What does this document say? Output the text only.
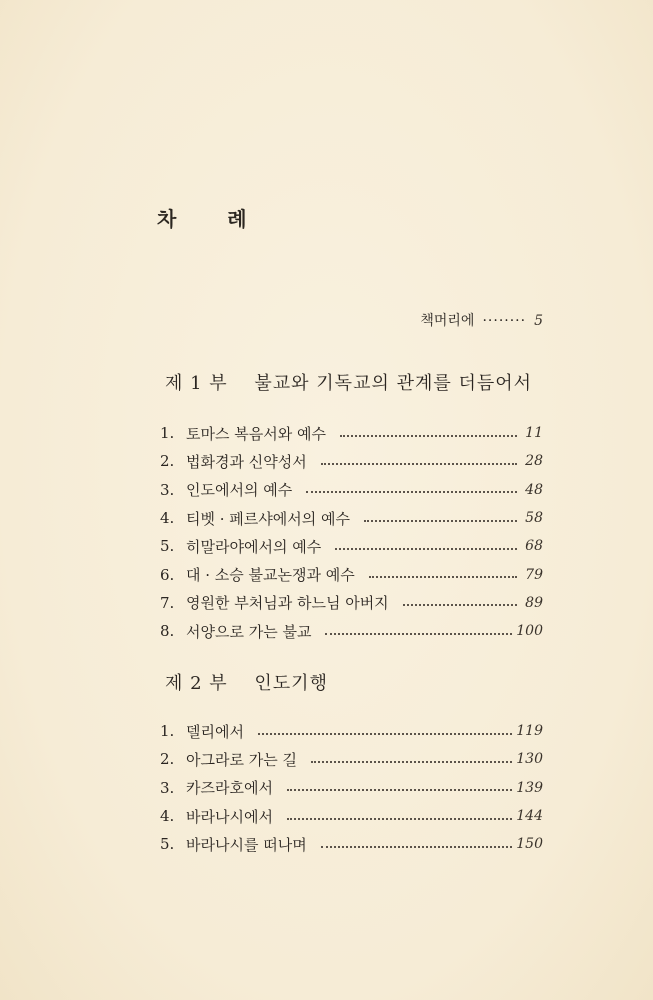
차 례
책머리에 ········ 5
제 1 부 불교와 기독교의 관계를 더듬어서
1. 토마스 복음서와 예수	11
2. 법화경과 신약성서	28
3. 인도에서의 예수	48
4. 티벳 · 페르샤에서의 예수	58
5. 히말라야에서의 예수	68
6. 대 · 소승 불교논쟁과 예수	79
7. 영원한 부처님과 하느님 아버지	89
8. 서양으로 가는 불교	100
제 2 부 인도기행
1. 델리에서	119
2. 아그라로 가는 길	130
3. 카즈라호에서	139
4. 바라나시에서	144
5. 바라나시를 떠나며	150
